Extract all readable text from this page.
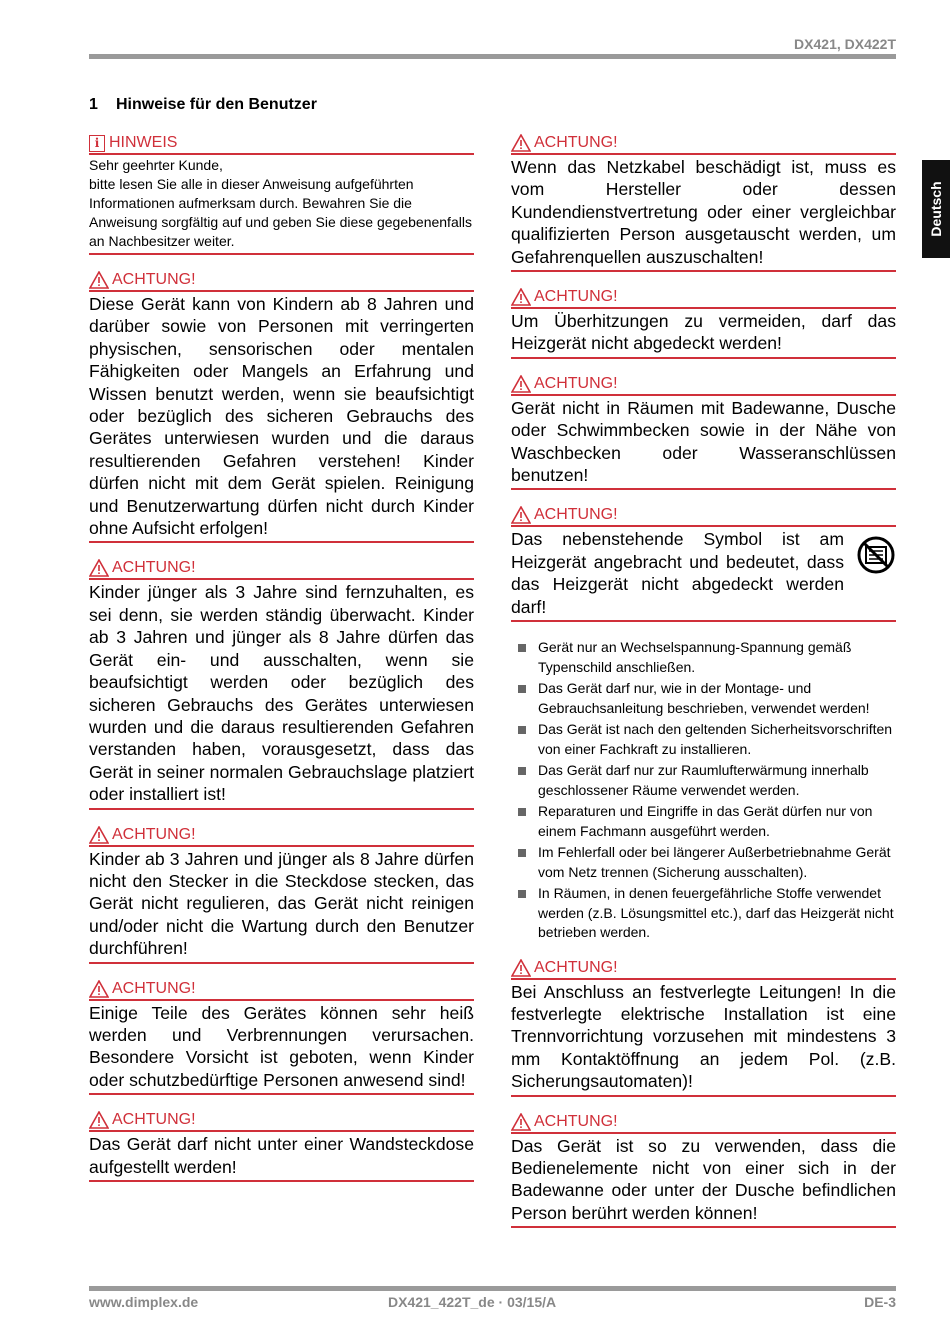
DX421, DX422T
Deutsch
1 Hinweise für den Benutzer
i HINWEIS
Sehr geehrter Kunde,
bitte lesen Sie alle in dieser Anweisung aufgeführten Informationen aufmerksam durch. Bewahren Sie die Anweisung sorgfältig auf und geben Sie diese gegebenenfalls an Nachbesitzer weiter.
ACHTUNG!
Diese Gerät kann von Kindern ab 8 Jahren und darüber sowie von Personen mit verringerten physischen, sensorischen oder mentalen Fähigkeiten oder Mangels an Erfahrung und Wissen benutzt werden, wenn sie beaufsichtigt oder bezüglich des sicheren Gebrauchs des Gerätes unterwiesen wurden und die daraus resultierenden Gefahren verstehen! Kinder dürfen nicht mit dem Gerät spielen. Reinigung und Benutzerwartung dürfen nicht durch Kinder ohne Aufsicht erfolgen!
ACHTUNG!
Kinder jünger als 3 Jahre sind fernzuhalten, es sei denn, sie werden ständig überwacht. Kinder ab 3 Jahren und jünger als 8 Jahre dürfen das Gerät ein- und ausschalten, wenn sie beaufsichtigt werden oder bezüglich des sicheren Gebrauchs des Gerätes unterwiesen wurden und die daraus resultierenden Gefahren verstanden haben, vorausgesetzt, dass das Gerät in seiner normalen Gebrauchslage platziert oder installiert ist!
ACHTUNG!
Kinder ab 3 Jahren und jünger als 8 Jahre dürfen nicht den Stecker in die Steckdose stecken, das Gerät nicht regulieren, das Gerät nicht reinigen und/oder nicht die Wartung durch den Benutzer durchführen!
ACHTUNG!
Einige Teile des Gerätes können sehr heiß werden und Verbrennungen verursachen. Besondere Vorsicht ist geboten, wenn Kinder oder schutzbedürftige Personen anwesend sind!
ACHTUNG!
Das Gerät darf nicht unter einer Wandsteckdose aufgestellt werden!
ACHTUNG!
Wenn das Netzkabel beschädigt ist, muss es vom Hersteller oder dessen Kundendienstvertretung oder einer vergleichbar qualifizierten Person ausgetauscht werden, um Gefahrenquellen auszuschalten!
ACHTUNG!
Um Überhitzungen zu vermeiden, darf das Heizgerät nicht abgedeckt werden!
ACHTUNG!
Gerät nicht in Räumen mit Badewanne, Dusche oder Schwimmbecken sowie in der Nähe von Waschbecken oder Wasseranschlüssen benutzen!
ACHTUNG!
Das nebenstehende Symbol ist am Heizgerät angebracht und bedeutet, dass das Heizgerät nicht abgedeckt werden darf!
Gerät nur an Wechselspannung-Spannung gemäß Typenschild anschließen.
Das Gerät darf nur, wie in der Montage- und Gebrauchsanleitung beschrieben, verwendet werden!
Das Gerät ist nach den geltenden Sicherheitsvorschriften von einer Fachkraft zu installieren.
Das Gerät darf nur zur Raumlufterwärmung innerhalb geschlossener Räume verwendet werden.
Reparaturen und Eingriffe in das Gerät dürfen nur von einem Fachmann ausgeführt werden.
Im Fehlerfall oder bei längerer Außerbetriebnahme Gerät vom Netz trennen (Sicherung ausschalten).
In Räumen, in denen feuergefährliche Stoffe verwendet werden (z.B. Lösungsmittel etc.), darf das Heizgerät nicht betrieben werden.
ACHTUNG!
Bei Anschluss an festverlegte Leitungen! In die festverlegte elektrische Installation ist eine Trennvorrichtung vorzusehen mit mindestens 3 mm Kontaktöffnung an jedem Pol. (z.B. Sicherungsautomaten)!
ACHTUNG!
Das Gerät ist so zu verwenden, dass die Bedienelemente nicht von einer sich in der Badewanne oder unter der Dusche befindlichen Person berührt werden können!
www.dimplex.de	DX421_422T_de · 03/15/A	DE-3
